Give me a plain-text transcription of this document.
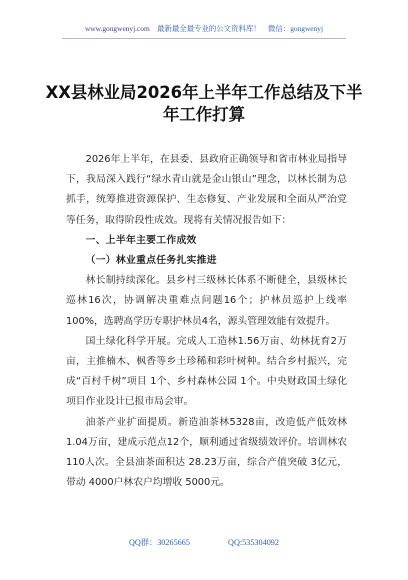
www.gongwenyj.com 最新最全最专业的公文资料库！ 微信：gongwenyj
XX县林业局2026年上半年工作总结及下半年工作打算

2026年上半年，在县委、县政府正确领导和省市林业局指导下，我局深入践行“绿水青山就是金山银山”理念，以林长制为总抓手，统筹推进资源保护、生态修复、产业发展和全面从严治党等任务，取得阶段性成效。现将有关情况报告如下：

一、上半年主要工作成效

（一）林业重点任务扎实推进

林长制持续深化。县乡村三级林长体系不断健全，县级林长巡林16次，协调解决重难点问题16个；护林员巡护上线率100%，选聘高学历专职护林员4名，源头管理效能有效提升。

国土绿化科学开展。完成人工造林1.56万亩、幼林抚育2万亩，主推楠木、枫香等乡土珍稀和彩叶树种。结合乡村振兴，完成“百村千树”项目 1个、乡村森林公园 1个。中央财政国土绿化项目作业设计已报市局会审。

油茶产业扩面提质。新造油茶林5328亩，改造低产低效林1.04万亩，建成示范点12个，顺利通过省级绩效评价。培训林农 110人次。全县油茶面积达 28.23万亩，综合产值突破 3亿元，带动 4000户林农户均增收 5000元。

QQ群：30265665	QQ:535304092
